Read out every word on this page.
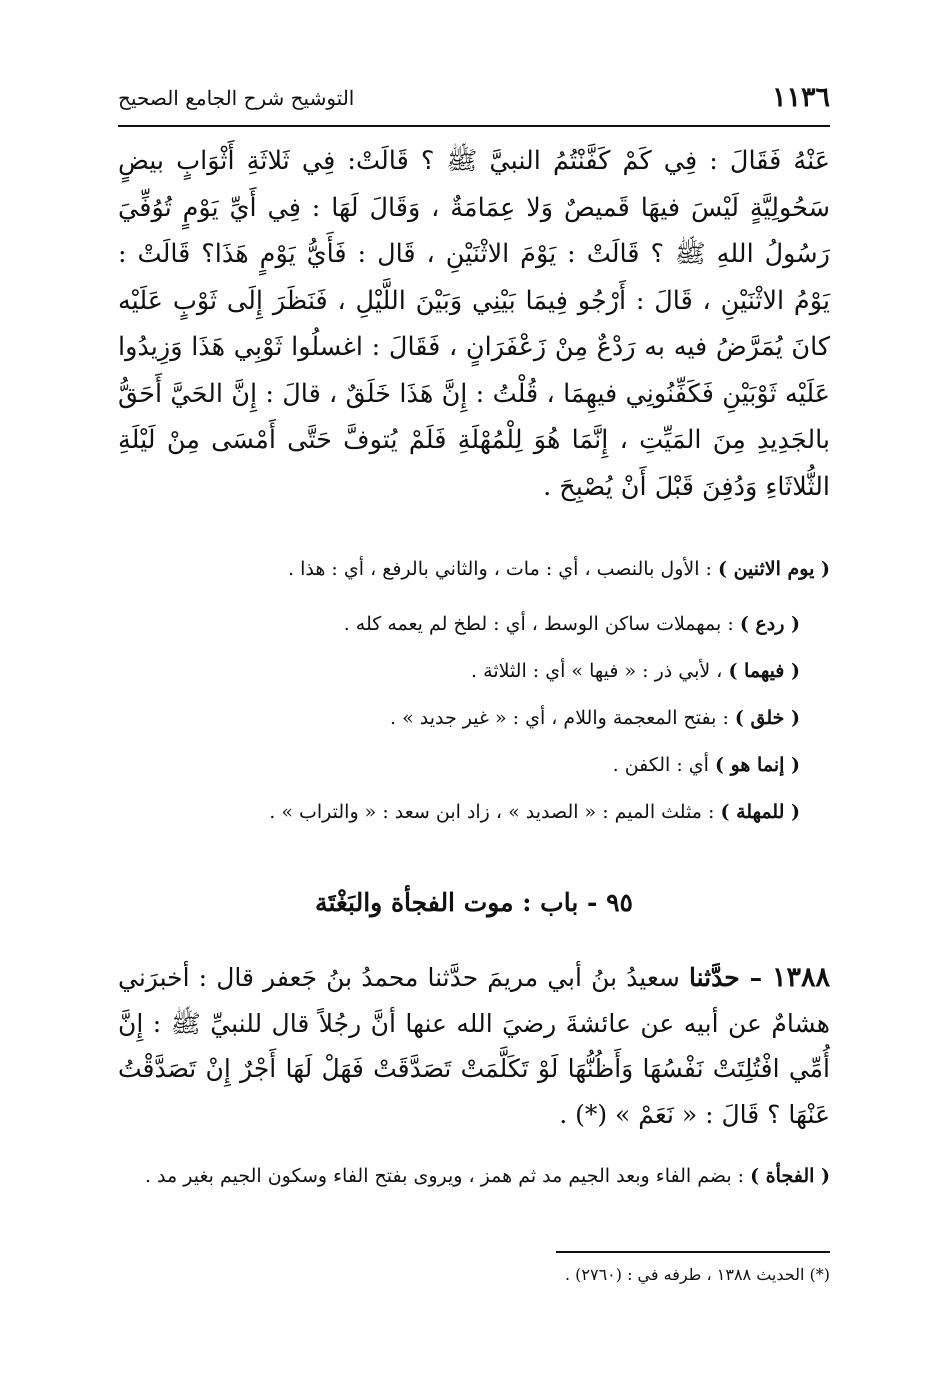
١١٣٦
التوشيح شرح الجامع الصحيح

عَنْهُ فَقَالَ : فِي كَمْ كَفَّنْتُمُ النبيَّ ﷺ ؟ قَالَتْ: فِي ثَلاثَةِ أَثْوَابٍ بيضٍ سَحُولِيَّةٍ لَيْسَ فيهَا قَميصٌ وَلا عِمَامَةٌ ، وَقَالَ لَهَا : فِي أَيِّ يَوْمٍ تُوُفِّيَ رَسُولُ اللهِ ﷺ ؟ قَالَتْ : يَوْمَ الاثْنَيْنِ ، قَال : فَأَيُّ يَوْمٍ هَذَا؟ قَالَتْ : يَوْمُ الاثْنَيْنِ ، قَالَ : أَرْجُو فِيمَا بَيْنِي وَبَيْنَ اللَّيْلِ ، فَنَظَرَ إِلَى ثَوْبٍ عَلَيْه كانَ يُمَرَّضُ فيه به رَدْعٌ مِنْ زَعْفَرَانٍ ، فَقَالَ : اغسلُوا ثَوْبِي هَذَا وَزِيدُوا عَلَيْه ثَوْبَيْنِ فَكَفِّنُونِي فيهِمَا ، قُلْتُ : إِنَّ هَذَا خَلَقٌ ، قالَ : إِنَّ الحَيَّ أَحَقُّ بالجَدِيدِ مِنَ المَيِّتِ ، إِنَّمَا هُوَ لِلْمُهْلَةِ فَلَمْ يُتوفَّ حَتَّى أَمْسَى مِنْ لَيْلَةِ الثُّلاثَاءِ وَدُفِنَ قَبْلَ أَنْ يُصْبِحَ .

( يوم الاثنين ) : الأول بالنصب ، أي : مات ، والثاني بالرفع ، أي : هذا .

( ردع ) : بمهملات ساكن الوسط ، أي : لطخ لم يعمه كله .

( فيهما ) ، لأبي ذر : « فيها » أي : الثلاثة .

( خلق ) : بفتح المعجمة واللام ، أي : « غير جديد » .

( إنما هو ) أي : الكفن .

( للمهلة ) : مثلث الميم : « الصديد » ، زاد ابن سعد : « والتراب » .

٩٥ - باب : موت الفجأة والبَغْتَة

١٣٨٨ – حدَّثنا سعيدُ بنُ أبي مريمَ حدَّثنا محمدُ بنُ جَعفر قال : أخبرَني هشامٌ عن أبيه عن عائشةَ رضيَ الله عنها أنَّ رجُلاً قال للنبيِّ ﷺ : إِنَّ أُمِّي افْتُلِتَتْ نَفْسُهَا وَأَظُنُّهَا لَوْ تَكَلَّمَتْ تَصَدَّقَتْ فَهَلْ لَهَا أَجْرٌ إِنْ تَصَدَّقْتُ عَنْهَا ؟ قَالَ : « نَعَمْ » (*) .

( الفجأة ) : بضم الفاء وبعد الجيم مد ثم همز ، ويروى بفتح الفاء وسكون الجيم بغير مد .

(*) الحديث ١٣٨٨ ، طرفه في : (٢٧٦٠) .
